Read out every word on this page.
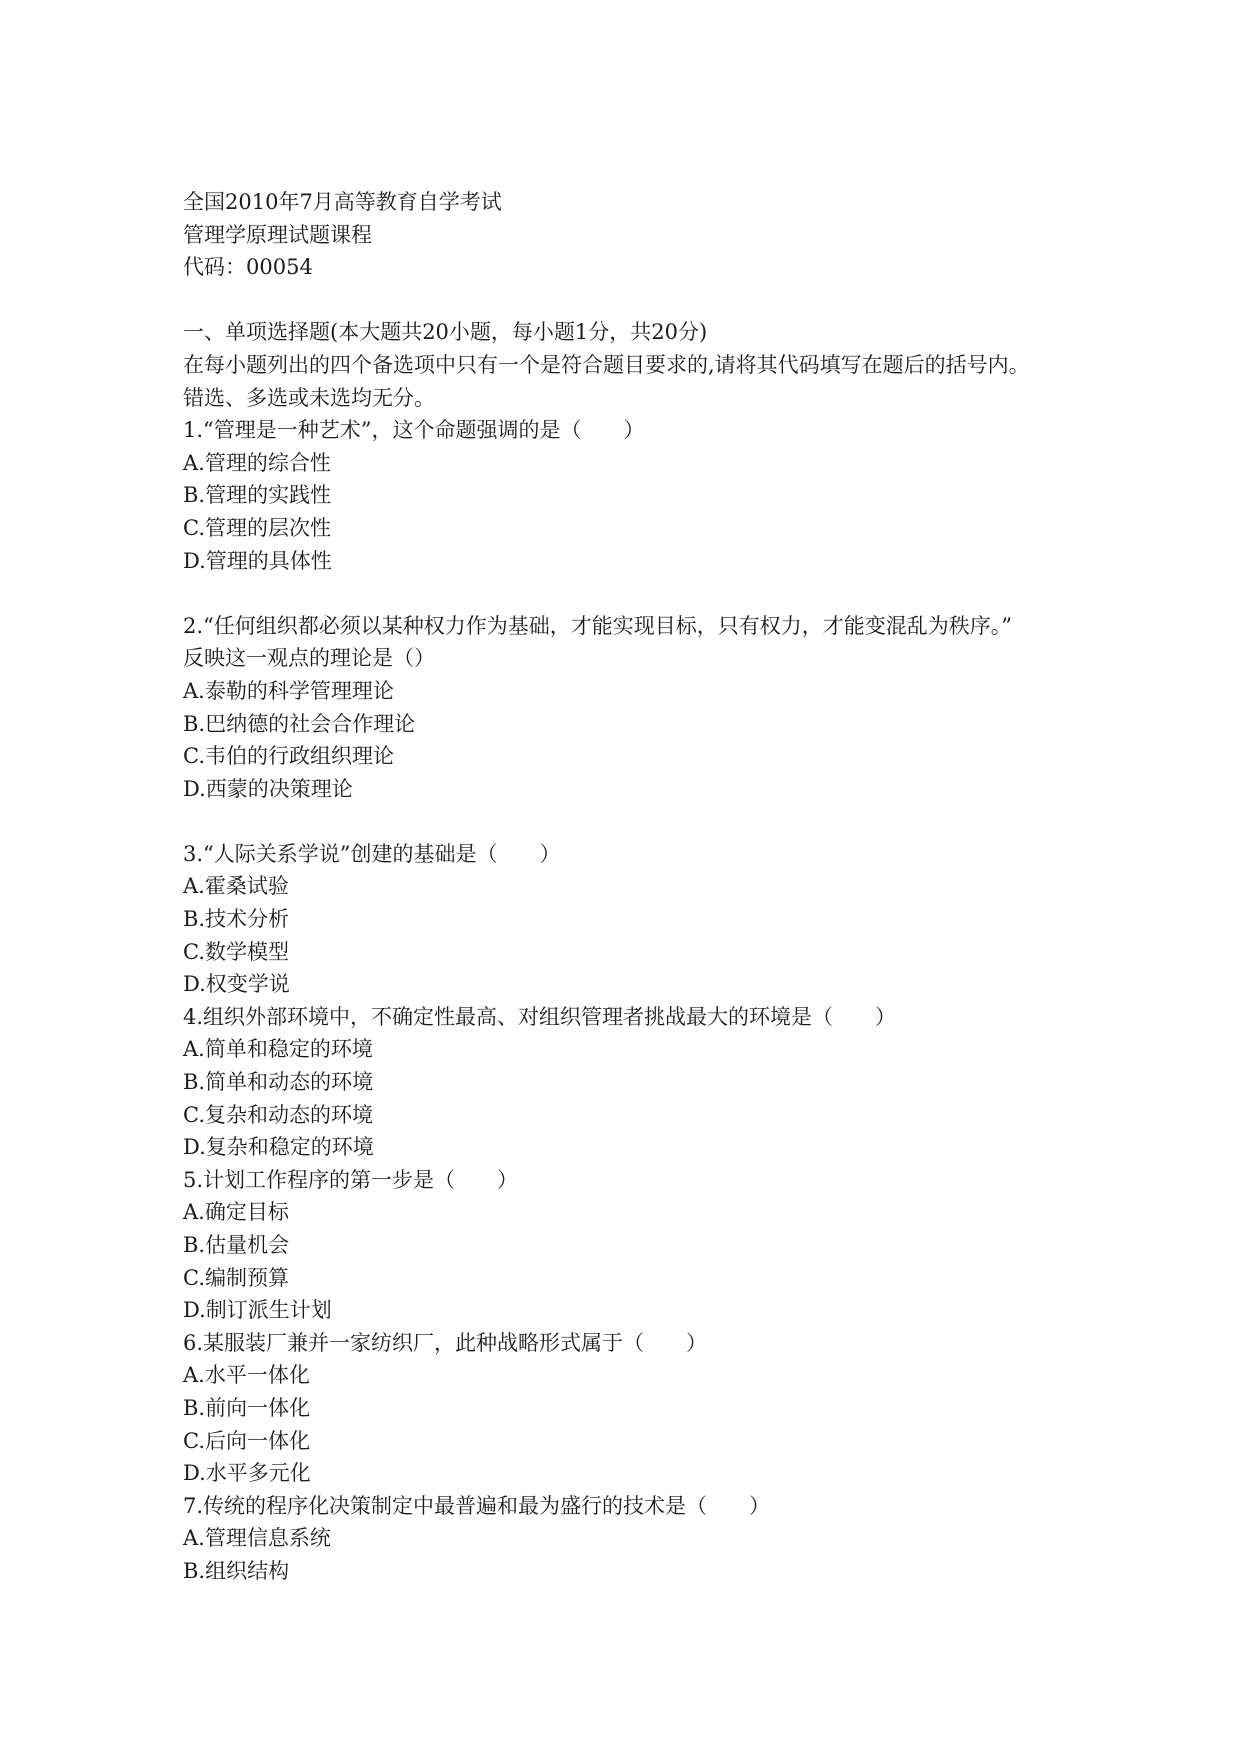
全国2010年7月高等教育自学考试
管理学原理试题课程
代码：00054
一、单项选择题(本大题共20小题，每小题1分，共20分)
在每小题列出的四个备选项中只有一个是符合题目要求的,请将其代码填写在题后的括号内。
错选、多选或未选均无分。
1.“管理是一种艺术”，这个命题强调的是（　　）
A.管理的综合性
B.管理的实践性
C.管理的层次性
D.管理的具体性
2.“任何组织都必须以某种权力作为基础，才能实现目标，只有权力，才能变混乱为秩序。”
反映这一观点的理论是（）
A.泰勒的科学管理理论
B.巴纳德的社会合作理论
C.韦伯的行政组织理论
D.西蒙的决策理论
3.“人际关系学说”创建的基础是（　　）
A.霍桑试验
B.技术分析
C.数学模型
D.权变学说
4.组织外部环境中，不确定性最高、对组织管理者挑战最大的环境是（　　）
A.简单和稳定的环境
B.简单和动态的环境
C.复杂和动态的环境
D.复杂和稳定的环境
5.计划工作程序的第一步是（　　）
A.确定目标
B.估量机会
C.编制预算
D.制订派生计划
6.某服装厂兼并一家纺织厂，此种战略形式属于（　　）
A.水平一体化
B.前向一体化
C.后向一体化
D.水平多元化
7.传统的程序化决策制定中最普遍和最为盛行的技术是（　　）
A.管理信息系统
B.组织结构
